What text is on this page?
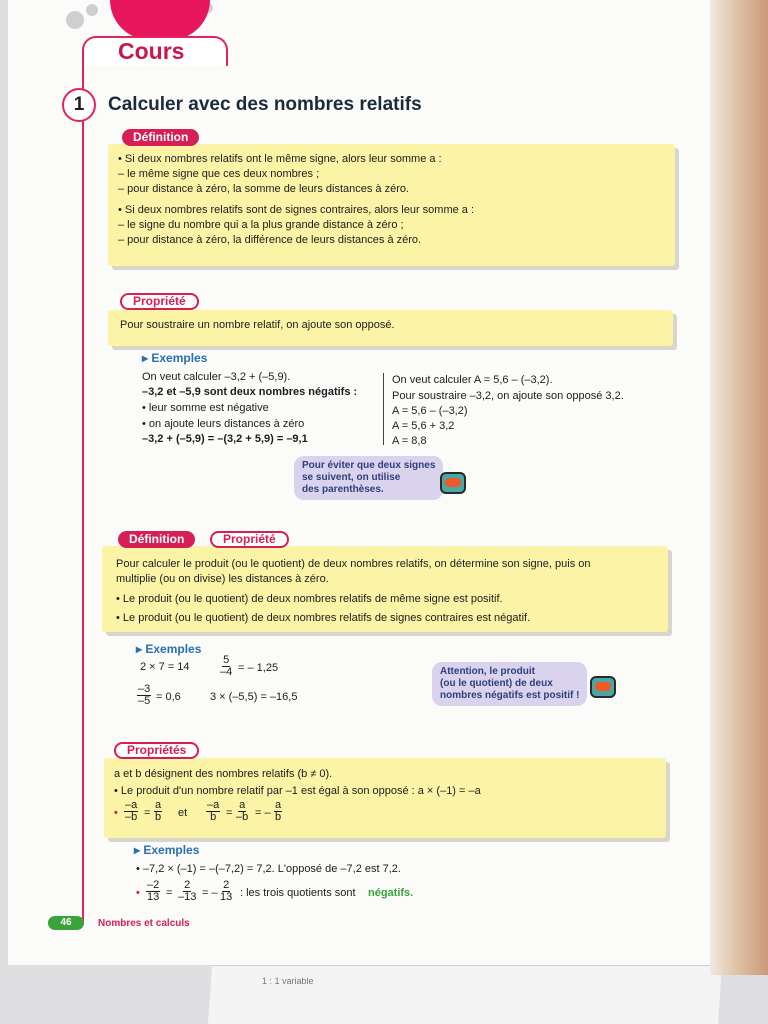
1 : 1 variable
Cours
1	Calculer avec des nombres relatifs
Définition
• Si deux nombres relatifs ont le même signe, alors leur somme a :
– le même signe que ces deux nombres ;
– pour distance à zéro, la somme de leurs distances à zéro.
• Si deux nombres relatifs sont de signes contraires, alors leur somme a :
– le signe du nombre qui a la plus grande distance à zéro ;
– pour distance à zéro, la différence de leurs distances à zéro.
Propriété
Pour soustraire un nombre relatif, on ajoute son opposé.
▸ Exemples
On veut calculer –3,2 + (–5,9).
–3,2 et –5,9 sont deux nombres négatifs :
• leur somme est négative
• on ajoute leurs distances à zéro
–3,2 + (–5,9) = –(3,2 + 5,9) = –9,1
On veut calculer A = 5,6 – (–3,2).
Pour soustraire –3,2, on ajoute son opposé 3,2.
A = 5,6 – (–3,2)
A = 5,6 + 3,2
A = 8,8
Pour éviter que deux signes
se suivent, on utilise
des parenthèses.
Définition	Propriété
Pour calculer le produit (ou le quotient) de deux nombres relatifs, on détermine son signe, puis on
multiplie (ou on divise) les distances à zéro.
• Le produit (ou le quotient) de deux nombres relatifs de même signe est positif.
• Le produit (ou le quotient) de deux nombres relatifs de signes contraires est négatif.
▸ Exemples
2 × 7 = 14	$\frac{5}{-4}$ = – 1,25
$\frac{-3}{-5} = 0,6$	3 × (–5,5) = –16,5
Attention, le produit
(ou le quotient) de deux
nombres négatifs est positif !
Propriétés
a et b désignent des nombres relatifs (b ≠ 0).
• Le produit d'un nombre relatif par –1 est égal à son opposé : a × (–1) = –a
• $\frac{-a}{-b} = \frac{a}{b}$ et $\frac{-a}{b} = \frac{a}{-b}$ = – $\frac{a}{b}$
▸ Exemples
• –7,2 × (–1) = –(–7,2) = 7,2. L'opposé de –7,2 est 7,2.
• $\frac{-2}{13} = \frac{2}{-13}$ = – $\frac{2}{13}$ : les trois quotients sont négatifs.
46	Nombres et calculs
